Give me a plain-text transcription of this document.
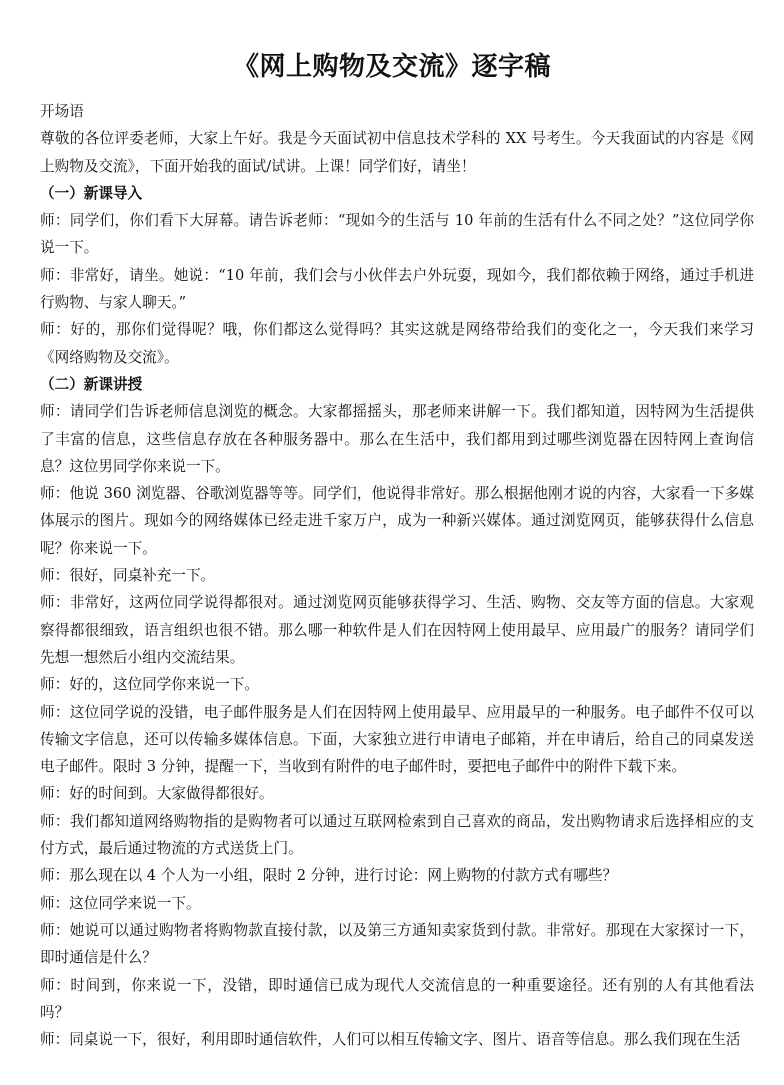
《网上购物及交流》逐字稿

开场语

尊敬的各位评委老师，大家上午好。我是今天面试初中信息技术学科的 XX 号考生。今天我面试的内容是《网上购物及交流》，下面开始我的面试/试讲。上课！同学们好，请坐！

（一）新课导入

师：同学们，你们看下大屏幕。请告诉老师：“现如今的生活与 10 年前的生活有什么不同之处？”这位同学你说一下。

师：非常好，请坐。她说：“10 年前，我们会与小伙伴去户外玩耍，现如今，我们都依赖于网络，通过手机进行购物、与家人聊天。”

师：好的，那你们觉得呢？哦，你们都这么觉得吗？其实这就是网络带给我们的变化之一，今天我们来学习《网络购物及交流》。

（二）新课讲授

师：请同学们告诉老师信息浏览的概念。大家都摇摇头，那老师来讲解一下。我们都知道，因特网为生活提供了丰富的信息，这些信息存放在各种服务器中。那么在生活中，我们都用到过哪些浏览器在因特网上查询信息？这位男同学你来说一下。

师：他说 360 浏览器、谷歌浏览器等等。同学们，他说得非常好。那么根据他刚才说的内容，大家看一下多媒体展示的图片。现如今的网络媒体已经走进千家万户，成为一种新兴媒体。通过浏览网页，能够获得什么信息呢？你来说一下。

师：很好，同桌补充一下。

师：非常好，这两位同学说得都很对。通过浏览网页能够获得学习、生活、购物、交友等方面的信息。大家观察得都很细致，语言组织也很不错。那么哪一种软件是人们在因特网上使用最早、应用最广的服务？请同学们先想一想然后小组内交流结果。

师：好的，这位同学你来说一下。

师：这位同学说的没错，电子邮件服务是人们在因特网上使用最早、应用最早的一种服务。电子邮件不仅可以传输文字信息，还可以传输多媒体信息。下面，大家独立进行申请电子邮箱，并在申请后，给自己的同桌发送电子邮件。限时 3 分钟，提醒一下，当收到有附件的电子邮件时，要把电子邮件中的附件下载下来。

师：好的时间到。大家做得都很好。

师：我们都知道网络购物指的是购物者可以通过互联网检索到自己喜欢的商品，发出购物请求后选择相应的支付方式，最后通过物流的方式送货上门。

师：那么现在以 4 个人为一小组，限时 2 分钟，进行讨论：网上购物的付款方式有哪些？

师：这位同学来说一下。

师：她说可以通过购物者将购物款直接付款，以及第三方通知卖家货到付款。非常好。那现在大家探讨一下，即时通信是什么？

师：时间到，你来说一下，没错，即时通信已成为现代人交流信息的一种重要途径。还有别的人有其他看法吗？

师：同桌说一下，很好，利用即时通信软件，人们可以相互传输文字、图片、语音等信息。那么我们现在生活
